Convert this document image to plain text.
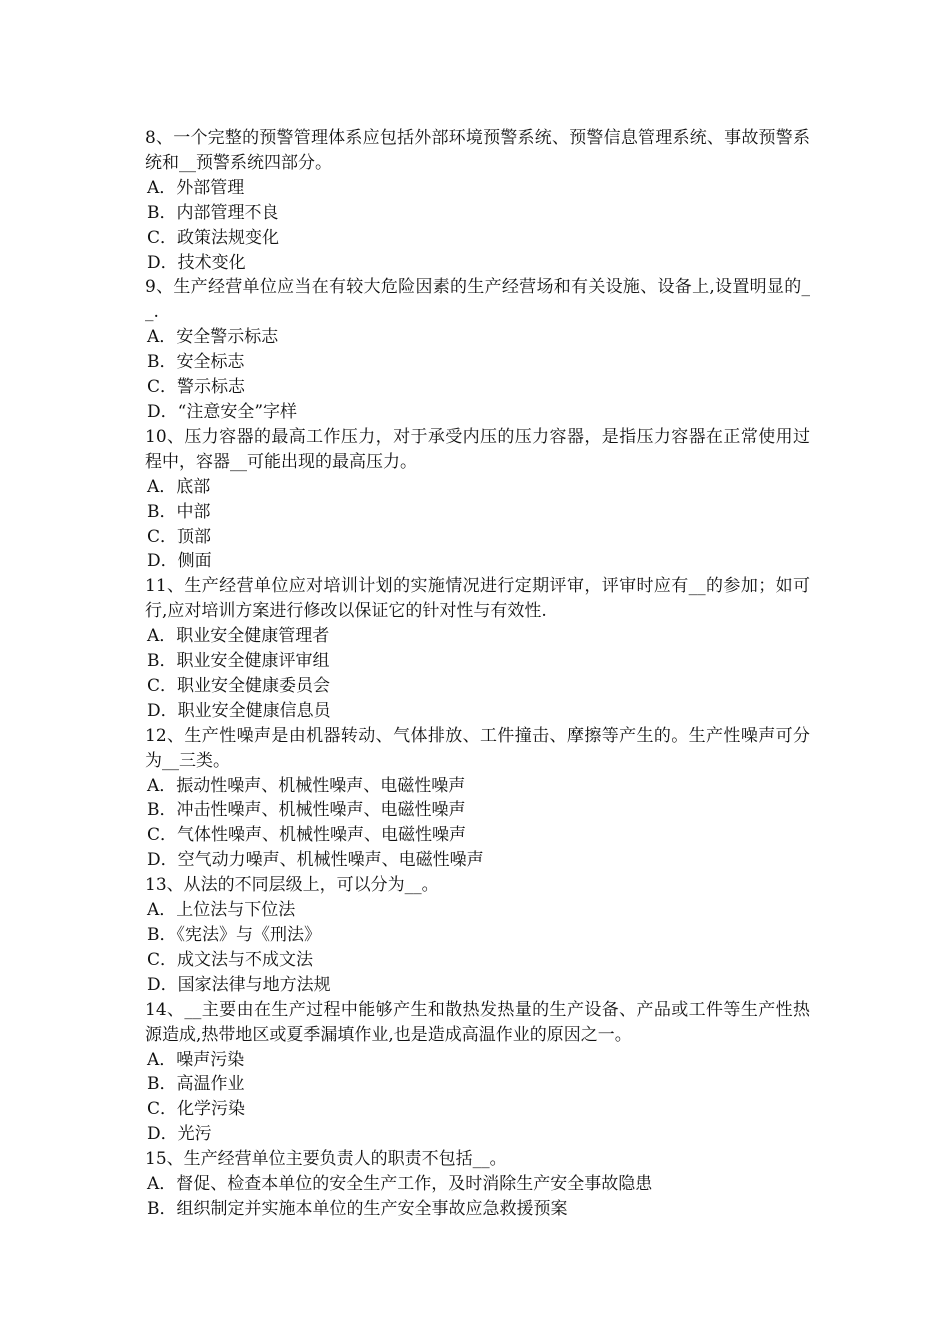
8、一个完整的预警管理体系应包括外部环境预警系统、预警信息管理系统、事故预警系统和__预警系统四部分。

A．外部管理

B．内部管理不良

C．政策法规变化

D．技术变化

9、生产经营单位应当在有较大危险因素的生产经营场和有关设施、设备上,设置明显的__.

A．安全警示标志

B．安全标志

C．警示标志

D．“注意安全”字样

10、压力容器的最高工作压力，对于承受内压的压力容器，是指压力容器在正常使用过程中，容器__可能出现的最高压力。

A．底部

B．中部

C．顶部

D．侧面

11、生产经营单位应对培训计划的实施情况进行定期评审，评审时应有__的参加；如可行,应对培训方案进行修改以保证它的针对性与有效性.

A．职业安全健康管理者

B．职业安全健康评审组

C．职业安全健康委员会

D．职业安全健康信息员

12、生产性噪声是由机器转动、气体排放、工件撞击、摩擦等产生的。生产性噪声可分为__三类。

A．振动性噪声、机械性噪声、电磁性噪声

B．冲击性噪声、机械性噪声、电磁性噪声

C．气体性噪声、机械性噪声、电磁性噪声

D．空气动力噪声、机械性噪声、电磁性噪声

13、从法的不同层级上，可以分为__。

A．上位法与下位法

B．《宪法》与《刑法》

C．成文法与不成文法

D．国家法律与地方法规

14、__主要由在生产过程中能够产生和散热发热量的生产设备、产品或工件等生产性热源造成,热带地区或夏季漏填作业,也是造成高温作业的原因之一。

A．噪声污染

B．高温作业

C．化学污染

D．光污

15、生产经营单位主要负责人的职责不包括__。

A．督促、检查本单位的安全生产工作，及时消除生产安全事故隐患

B．组织制定并实施本单位的生产安全事故应急救援预案
